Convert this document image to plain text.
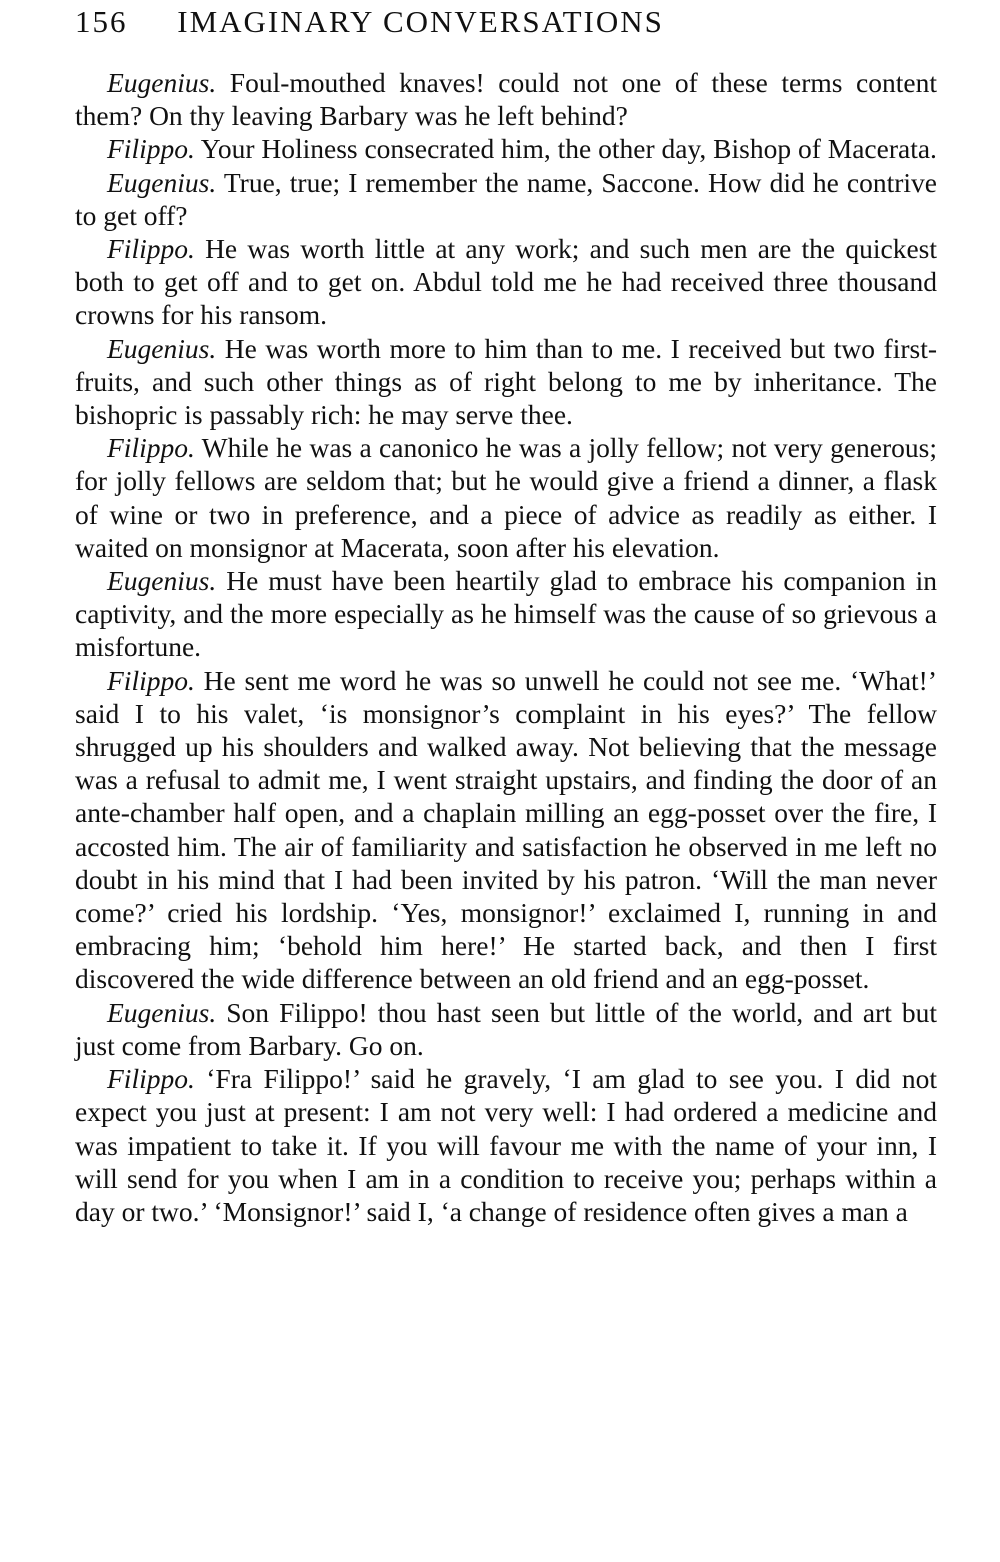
156 IMAGINARY CONVERSATIONS

Eugenius. Foul-mouthed knaves! could not one of these terms content them? On thy leaving Barbary was he left behind?

Filippo. Your Holiness consecrated him, the other day, Bishop of Macerata.

Eugenius. True, true; I remember the name, Saccone. How did he contrive to get off?

Filippo. He was worth little at any work; and such men are the quickest both to get off and to get on. Abdul told me he had received three thousand crowns for his ransom.

Eugenius. He was worth more to him than to me. I received but two first-fruits, and such other things as of right belong to me by inheritance. The bishopric is passably rich: he may serve thee.

Filippo. While he was a canonico he was a jolly fellow; not very generous; for jolly fellows are seldom that; but he would give a friend a dinner, a flask of wine or two in preference, and a piece of advice as readily as either. I waited on monsignor at Macerata, soon after his elevation.

Eugenius. He must have been heartily glad to embrace his companion in captivity, and the more especially as he himself was the cause of so grievous a misfortune.

Filippo. He sent me word he was so unwell he could not see me. ‘What!’ said I to his valet, ‘is monsignor’s complaint in his eyes?’ The fellow shrugged up his shoulders and walked away. Not believing that the message was a refusal to admit me, I went straight upstairs, and finding the door of an ante-chamber half open, and a chaplain milling an egg-posset over the fire, I accosted him. The air of familiarity and satisfaction he observed in me left no doubt in his mind that I had been invited by his patron. ‘Will the man never come?’ cried his lordship. ‘Yes, monsignor!’ exclaimed I, running in and embracing him; ‘behold him here!’ He started back, and then I first discovered the wide difference between an old friend and an egg-posset.

Eugenius. Son Filippo! thou hast seen but little of the world, and art but just come from Barbary. Go on.

Filippo. ‘Fra Filippo!’ said he gravely, ‘I am glad to see you. I did not expect you just at present: I am not very well: I had ordered a medicine and was impatient to take it. If you will favour me with the name of your inn, I will send for you when I am in a condition to receive you; perhaps within a day or two.’ ‘Monsignor!’ said I, ‘a change of residence often gives a man a
